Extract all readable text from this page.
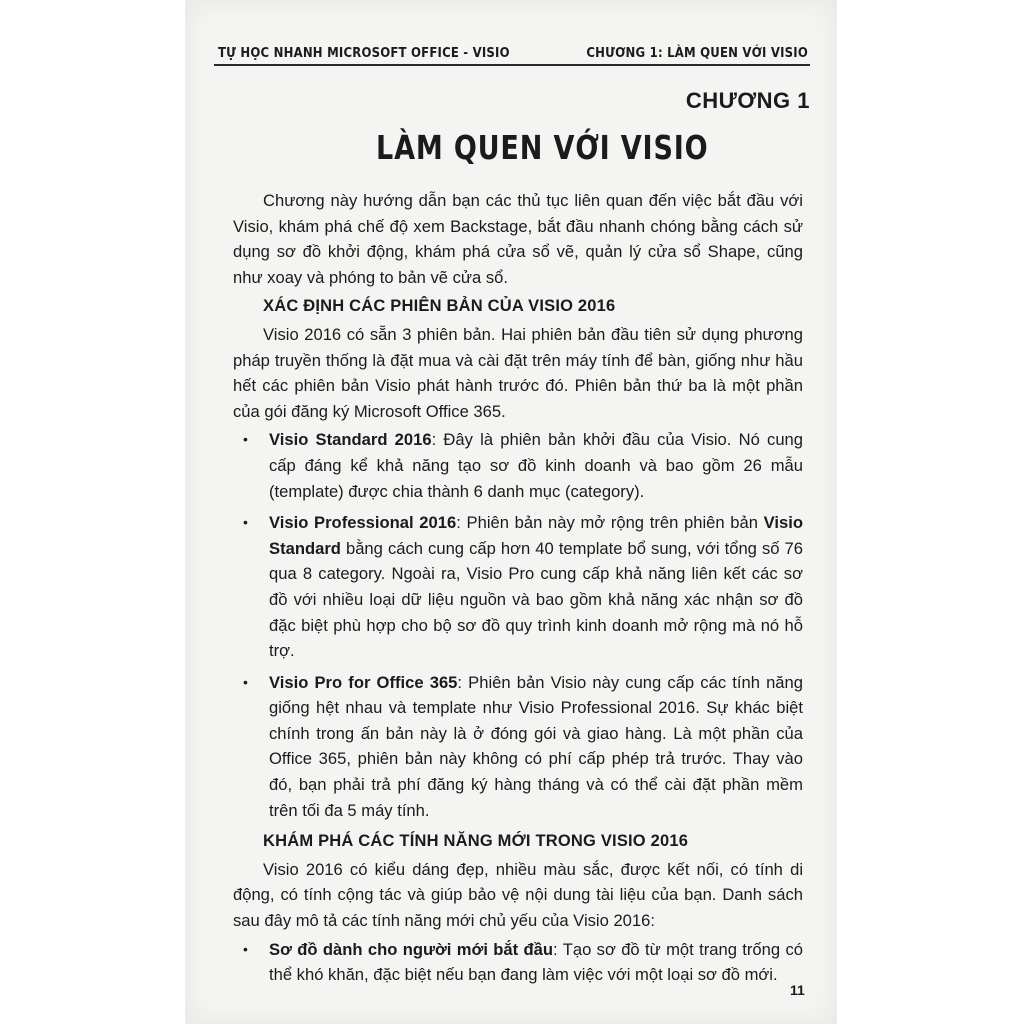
TỰ HỌC NHANH MICROSOFT OFFICE - VISIO	CHƯƠNG 1: LÀM QUEN VỚI VISIO
CHƯƠNG 1
LÀM QUEN VỚI VISIO

Chương này hướng dẫn bạn các thủ tục liên quan đến việc bắt đầu với Visio, khám phá chế độ xem Backstage, bắt đầu nhanh chóng bằng cách sử dụng sơ đồ khởi động, khám phá cửa sổ vẽ, quản lý cửa sổ Shape, cũng như xoay và phóng to bản vẽ cửa sổ.

XÁC ĐỊNH CÁC PHIÊN BẢN CỦA VISIO 2016

Visio 2016 có sẵn 3 phiên bản. Hai phiên bản đầu tiên sử dụng phương pháp truyền thống là đặt mua và cài đặt trên máy tính để bàn, giống như hầu hết các phiên bản Visio phát hành trước đó. Phiên bản thứ ba là một phần của gói đăng ký Microsoft Office 365.

• Visio Standard 2016: Đây là phiên bản khởi đầu của Visio. Nó cung cấp đáng kể khả năng tạo sơ đồ kinh doanh và bao gồm 26 mẫu (template) được chia thành 6 danh mục (category).
• Visio Professional 2016: Phiên bản này mở rộng trên phiên bản Visio Standard bằng cách cung cấp hơn 40 template bổ sung, với tổng số 76 qua 8 category. Ngoài ra, Visio Pro cung cấp khả năng liên kết các sơ đồ với nhiều loại dữ liệu nguồn và bao gồm khả năng xác nhận sơ đồ đặc biệt phù hợp cho bộ sơ đồ quy trình kinh doanh mở rộng mà nó hỗ trợ.
• Visio Pro for Office 365: Phiên bản Visio này cung cấp các tính năng giống hệt nhau và template như Visio Professional 2016. Sự khác biệt chính trong ấn bản này là ở đóng gói và giao hàng. Là một phần của Office 365, phiên bản này không có phí cấp phép trả trước. Thay vào đó, bạn phải trả phí đăng ký hàng tháng và có thể cài đặt phần mềm trên tối đa 5 máy tính.
KHÁM PHÁ CÁC TÍNH NĂNG MỚI TRONG VISIO 2016

Visio 2016 có kiểu dáng đẹp, nhiều màu sắc, được kết nối, có tính di động, có tính cộng tác và giúp bảo vệ nội dung tài liệu của bạn. Danh sách sau đây mô tả các tính năng mới chủ yếu của Visio 2016:

• Sơ đồ dành cho người mới bắt đầu: Tạo sơ đồ từ một trang trống có thể khó khăn, đặc biệt nếu bạn đang làm việc với một loại sơ đồ mới.
11
